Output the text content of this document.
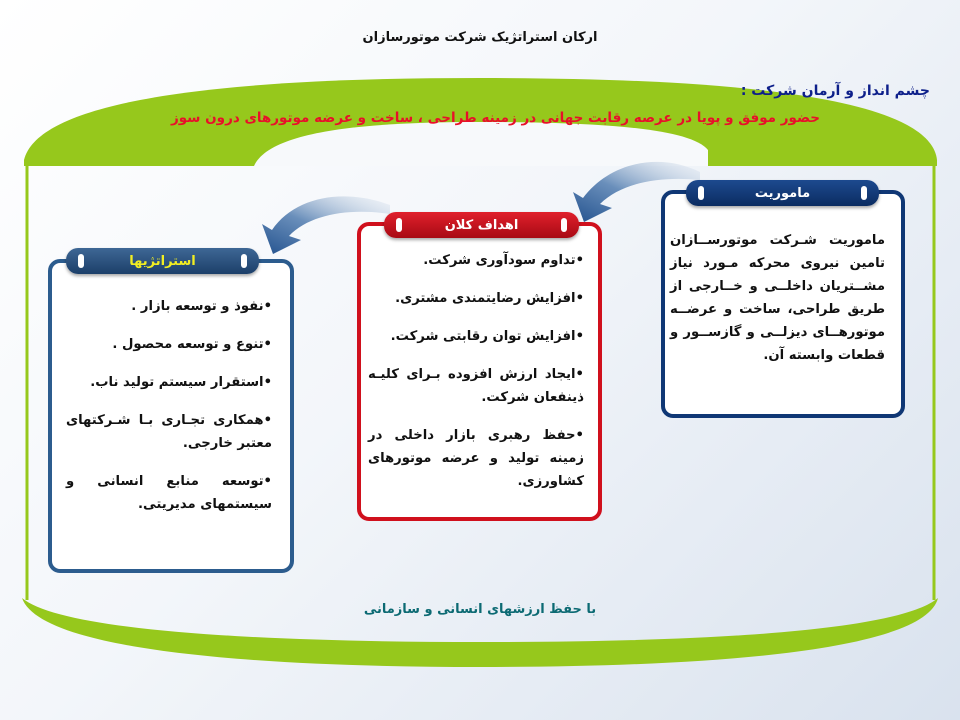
ارکان استراتژیک شرکت موتورسازان
چشم انداز و آرمان شرکت :
حضور موفق و پویا در عرصه رقابت جهانی در زمینه طراحی ، ساخت و عرضه موتورهای درون سوز
ماموریت
ماموریت شـرکت موتورســازان تامین نیروی محرکه مـورد نیاز مشــتریان داخلــی و خــارجی از طریق طراحی، ساخت و عرضــه موتورهــای دیزلــی و گازســور و قطعات وابسته آن.
اهداف کلان
•تداوم سودآوری شرکت.
•افزایش رضایتمندی مشتری.
•افزایش توان رقابتی شرکت.
•ایجاد ارزش افزوده بـرای کلیـه ذینفعان شرکت.
•حفظ رهبری بازار داخلی در زمینه تولید و عرضه موتورهای کشاورزی.
استراتژیها
•نفوذ و توسعه بازار .
•تنوع و توسعه محصول .
•استقرار سیستم تولید ناب.
•همکاری تجـاری بـا شـرکتهای معتبر خارجی.
•توسعه منابع انسانی و سیستمهای مدیریتی.
با حفظ ارزشهای انسانی و سازمانی
